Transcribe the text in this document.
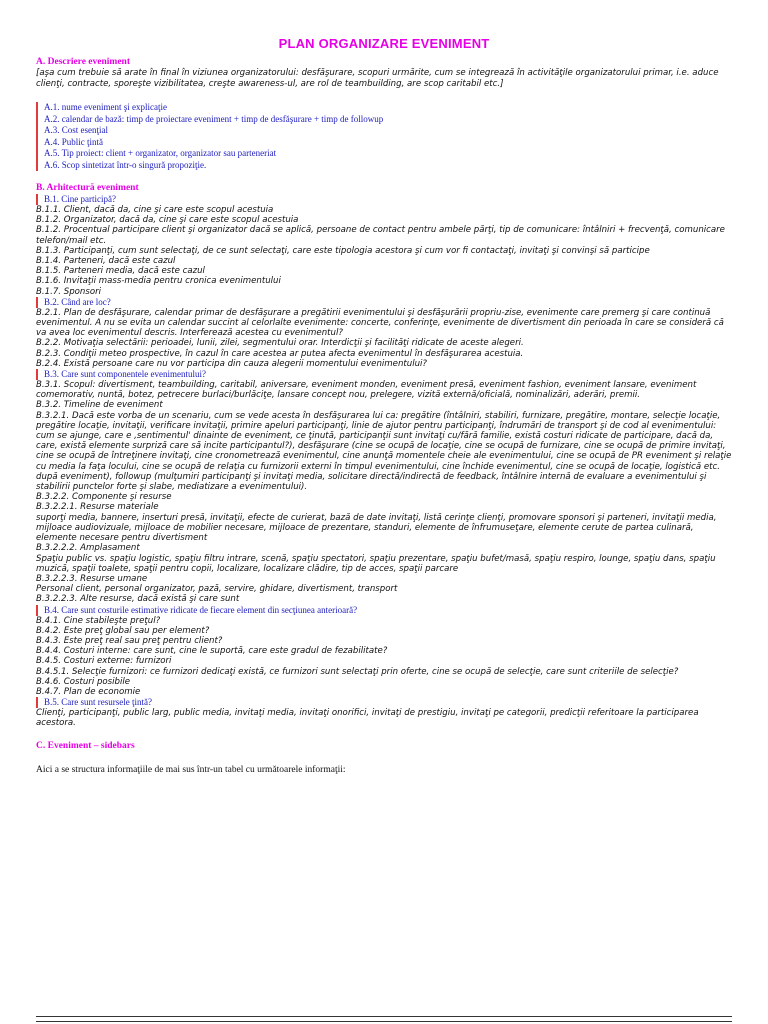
PLAN ORGANIZARE EVENIMENT
A. Descriere eveniment
[aşa cum trebuie să arate în final în viziunea organizatorului: desfăşurare, scopuri urmărite, cum se integrează în activităţile organizatorului primar, i.e. aduce clienţi, contracte, sporeşte vizibilitatea, creşte awareness-ul, are rol de teambuilding, are scop caritabil etc.]
A.1. nume eveniment şi explicaţie
A.2. calendar de bază: timp de proiectare eveniment + timp de desfăşurare + timp de followup
A.3. Cost esenţial
A.4. Public ţintă
A.5. Tip proiect: client + organizator, organizator sau parteneriat
A.6. Scop sintetizat într-o singură propoziţie.
B. Arhitectură eveniment
B.1. Cine participă?
B.1.1. Client, dacă da, cine şi care este scopul acestuia
B.1.2. Organizator, dacă da, cine şi care este scopul acestuia
B.1.2. Procentual participare client şi organizator dacă se aplică, persoane de contact pentru ambele părţi, tip de comunicare: întâlniri + frecvenţă, comunicare telefon/mail etc.
B.1.3. Participanţi, cum sunt selectaţi, de ce sunt selectaţi, care este tipologia acestora şi cum vor fi contactaţi, invitaţi şi convinşi să participe
B.1.4. Parteneri, dacă este cazul
B.1.5. Parteneri media, dacă este cazul
B.1.6. Invitaţii mass-media pentru cronica evenimentului
B.1.7. Sponsori
B.2. Când are loc?
B.2.1. Plan de desfăşurare, calendar primar de desfăşurare a pregătirii evenimentului şi desfăşurării propriu-zise, evenimente care premerg şi care continuă evenimentul. A nu se evita un calendar succint al celorlalte evenimente: concerte, conferinţe, evenimente de divertisment din perioada în care se consideră că va avea loc evenimentul descris. Interferează acestea cu evenimentul?
B.2.2. Motivaţia selectării: perioadei, lunii, zilei, segmentului orar. Interdicţii şi facilităţi ridicate de aceste alegeri.
B.2.3. Condiţii meteo prospective, în cazul în care acestea ar putea afecta evenimentul în desfăşurarea acestuia.
B.2.4. Există persoane care nu vor participa din cauza alegerii momentului evenimentului?
B.3. Care sunt componentele evenimentului?
B.3.1. Scopul: divertisment, teambuilding, caritabil, aniversare, eveniment monden, eveniment presă, eveniment fashion, eveniment lansare, eveniment comemorativ, nuntă, botez, petrecere burlaci/burlăciţe, lansare concept nou, prelegere, vizită externă/oficială, nominalizări, aderări, premii.
B.3.2. Timeline de eveniment
B.3.2.1. Dacă este vorba de un scenariu, cum se vede acesta în desfăşurarea lui ca: pregătire (întâlniri, stabiliri, furnizare, pregătire, montare, selecţie locaţie, pregătire locaţie, invitaţii, verificare invitaţii, primire apeluri participanţi, linie de ajutor pentru participanţi, îndrumări de transport şi de cod al evenimentului: cum se ajunge, care e ,sentimentul' dinainte de eveniment, ce ţinută, participanţii sunt invitaţi cu/fără familie, există costuri ridicate de participare, dacă da, care, există elemente surpriză care să incite participantul?), desfăşurare (cine se ocupă de locaţie, cine se ocupă de furnizare, cine se ocupă de primire invitaţi, cine se ocupă de întreţinere invitaţi, cine cronometrează evenimentul, cine anunţă momentele cheie ale evenimentului, cine se ocupă de PR eveniment şi relaţie cu media la faţa locului, cine se ocupă de relaţia cu furnizorii externi în timpul evenimentului, cine închide evenimentul, cine se ocupă de locaţie, logistică etc. după eveniment), followup (mulţumiri participanţi şi invitaţi media, solicitare directă/indirectă de feedback, întâlnire internă de evaluare a evenimentului şi stabilirii punctelor forte şi slabe, mediatizare a evenimentului).
B.3.2.2. Componente şi resurse
B.3.2.2.1. Resurse materiale
suporţi media, bannere, inserturi presă, invitaţii, efecte de curierat, bază de date invitaţi, listă cerinţe clienţi, promovare sponsori şi parteneri, invitaţii media, mijloace audiovizuale, mijloace de mobilier necesare, mijloace de prezentare, standuri, elemente de înfrumuseţare, elemente cerute de partea culinară, elemente necesare pentru divertisment
B.3.2.2.2. Amplasament
Spaţiu public vs. spaţiu logistic, spaţiu filtru intrare, scenă, spaţiu spectatori, spaţiu prezentare, spaţiu bufet/masă, spaţiu respiro, lounge, spaţiu dans, spaţiu muzică, spaţii toalete, spaţii pentru copii, localizare, localizare clădire, tip de acces, spaţii parcare
B.3.2.2.3. Resurse umane
Personal client, personal organizator, pază, servire, ghidare, divertisment, transport
B.3.2.2.3. Alte resurse, dacă există şi care sunt
B.4. Care sunt costurile estimative ridicate de fiecare element din secţiunea anterioară?
B.4.1. Cine stabileşte preţul?
B.4.2. Este preţ global sau per element?
B.4.3. Este preţ real sau preţ pentru client?
B.4.4. Costuri interne: care sunt, cine le suportă, care este gradul de fezabilitate?
B.4.5. Costuri externe: furnizori
B.4.5.1. Selecţie furnizori: ce furnizori dedicaţi există, ce furnizori sunt selectaţi prin oferte, cine se ocupă de selecţie, care sunt criteriile de selecţie?
B.4.6. Costuri posibile
B.4.7. Plan de economie
B.5. Care sunt resursele ţintă?
Clienţi, participanţi, public larg, public media, invitaţi media, invitaţi onorifici, invitaţi de prestigiu, invitaţi pe categorii, predicţii referitoare la participarea acestora.
C. Eveniment – sidebars
Aici a se structura informaţiile de mai sus într-un tabel cu următoarele informaţii:
